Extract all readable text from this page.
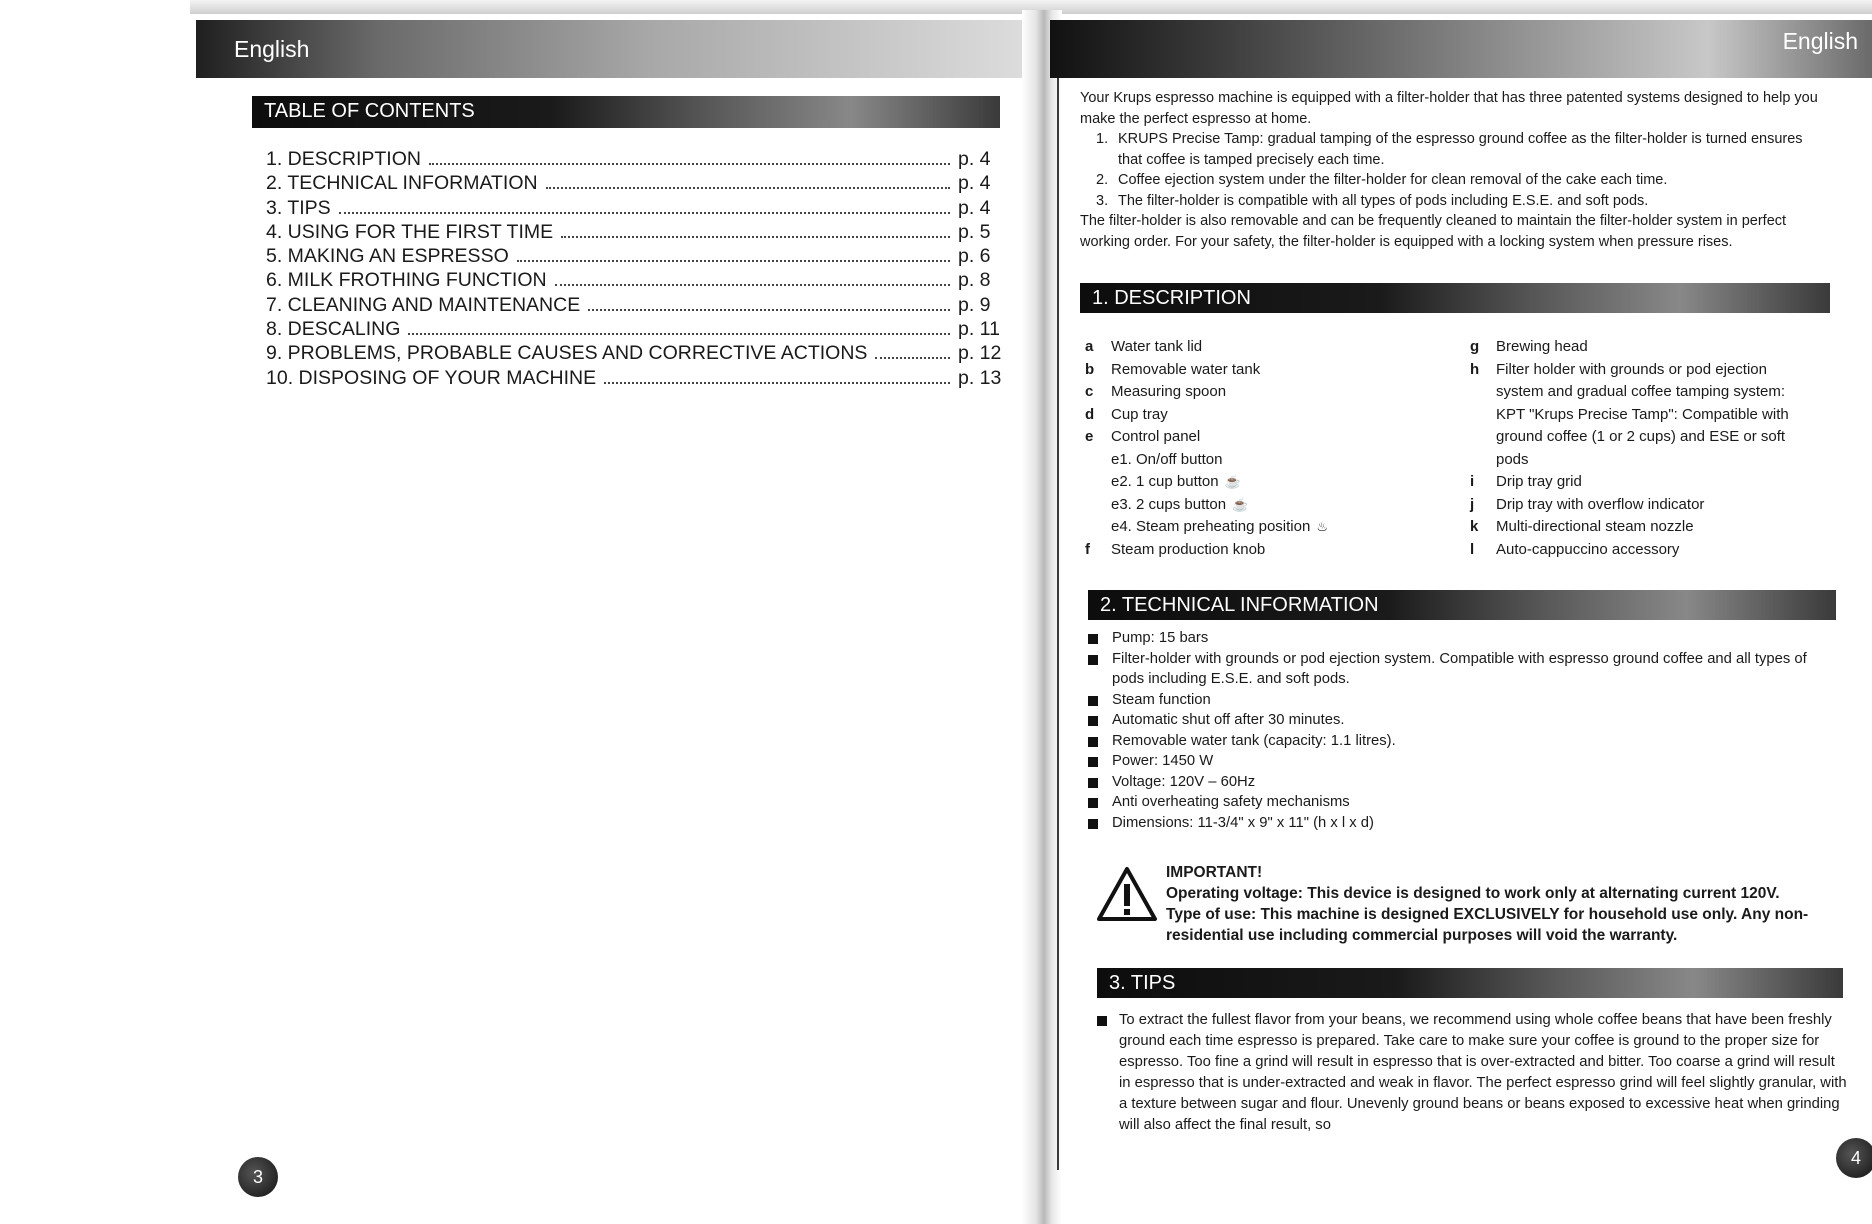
English
TABLE OF CONTENTS
1. DESCRIPTION	p. 4
2. TECHNICAL INFORMATION	p. 4
3. TIPS	p. 4
4. USING FOR THE FIRST TIME	p. 5
5. MAKING AN ESPRESSO	p. 6
6. MILK FROTHING FUNCTION	p. 8
7. CLEANING AND MAINTENANCE	p. 9
8. DESCALING	p. 11
9. PROBLEMS, PROBABLE CAUSES AND CORRECTIVE ACTIONS	p. 12
10. DISPOSING OF YOUR MACHINE	p. 13
3
English

Your Krups espresso machine is equipped with a filter-holder that has three patented systems designed to help you make the perfect espresso at home.

1. KRUPS Precise Tamp: gradual tamping of the espresso ground coffee as the filter-holder is turned ensures that coffee is tamped precisely each time.
2. Coffee ejection system under the filter-holder for clean removal of the cake each time.
3. The filter-holder is compatible with all types of pods including E.S.E. and soft pods.

The filter-holder is also removable and can be frequently cleaned to maintain the filter-holder system in perfect working order. For your safety, the filter-holder is equipped with a locking system when pressure rises.

1. DESCRIPTION
a	Water tank lid
b	Removable water tank
c	Measuring spoon
d	Cup tray
e	Control panel
e1. On/off button
e2. 1 cup button ☕
e3. 2 cups button ☕
e4. Steam preheating position ♨
f	Steam production knob
g	Brewing head
h	Filter holder with grounds or pod ejection system and gradual coffee tamping system: KPT "Krups Precise Tamp": Compatible with ground coffee (1 or 2 cups) and ESE or soft pods
i	Drip tray grid
j	Drip tray with overflow indicator
k	Multi-directional steam nozzle
l	Auto-cappuccino accessory
2. TECHNICAL INFORMATION
Pump: 15 bars
Filter-holder with grounds or pod ejection system. Compatible with espresso ground coffee and all types of pods including E.S.E. and soft pods.
Steam function
Automatic shut off after 30 minutes.
Removable water tank (capacity: 1.1 litres).
Power: 1450 W
Voltage: 120V – 60Hz
Anti overheating safety mechanisms
Dimensions: 11-3/4" x 9" x 11" (h x l x d)

IMPORTANT!

Operating voltage: This device is designed to work only at alternating current 120V.

Type of use: This machine is designed EXCLUSIVELY for household use only. Any non-residential use including commercial purposes will void the warranty.

3. TIPS
To extract the fullest flavor from your beans, we recommend using whole coffee beans that have been freshly ground each time espresso is prepared. Take care to make sure your coffee is ground to the proper size for espresso. Too fine a grind will result in espresso that is over-extracted and bitter. Too coarse a grind will result in espresso that is under-extracted and weak in flavor. The perfect espresso grind will feel slightly granular, with a texture between sugar and flour. Unevenly ground beans or beans exposed to excessive heat when grinding will also affect the final result, so
4
